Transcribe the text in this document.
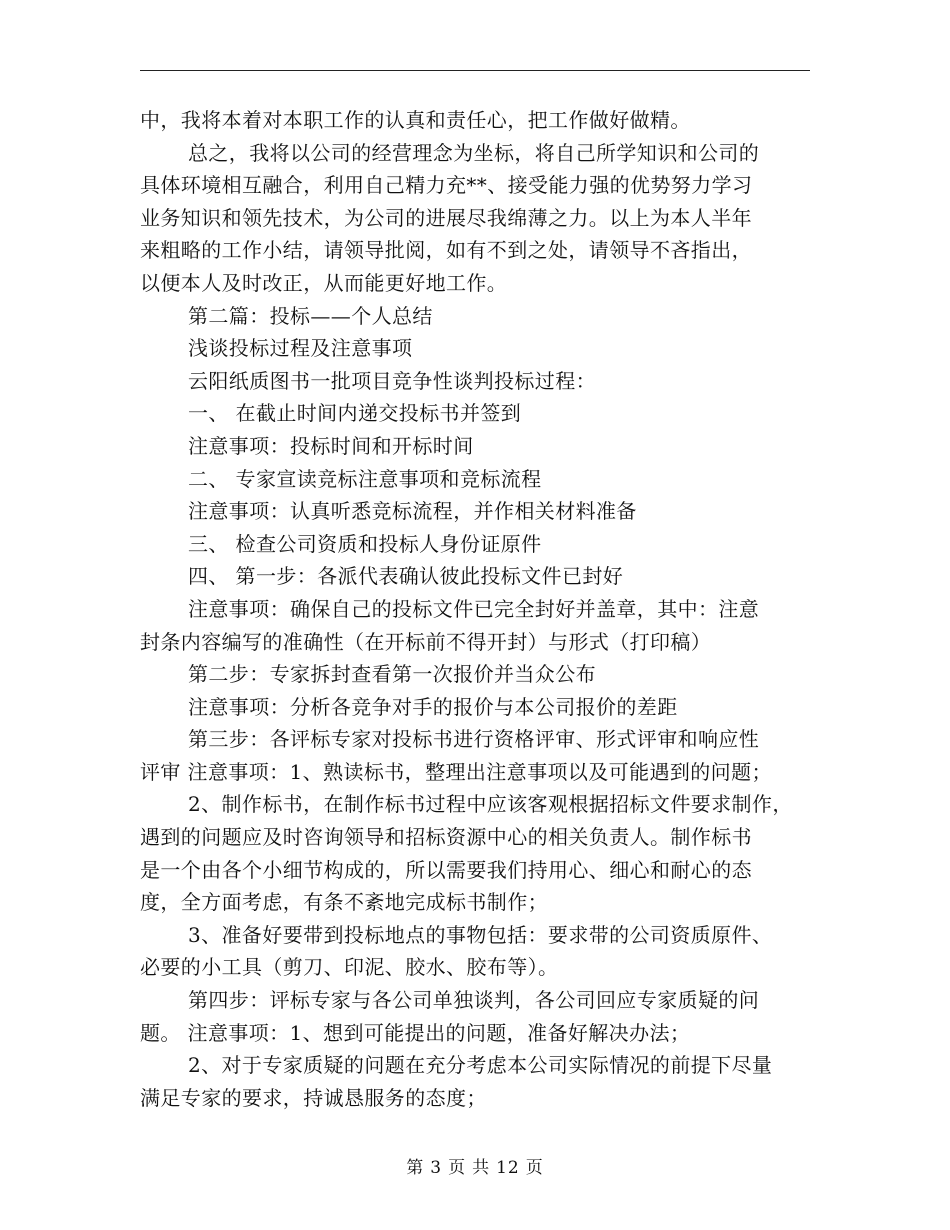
中，我将本着对本职工作的认真和责任心，把工作做好做精。
总之，我将以公司的经营理念为坐标，将自己所学知识和公司的
具体环境相互融合，利用自己精力充**、接受能力强的优势努力学习
业务知识和领先技术，为公司的进展尽我绵薄之力。以上为本人半年
来粗略的工作小结，请领导批阅，如有不到之处，请领导不吝指出，
以便本人及时改正，从而能更好地工作。
第二篇：投标——个人总结
浅谈投标过程及注意事项
云阳纸质图书一批项目竞争性谈判投标过程：
一、 在截止时间内递交投标书并签到
注意事项：投标时间和开标时间
二、 专家宣读竞标注意事项和竞标流程
注意事项：认真听悉竞标流程，并作相关材料准备
三、 检查公司资质和投标人身份证原件
四、 第一步：各派代表确认彼此投标文件已封好
注意事项：确保自己的投标文件已完全封好并盖章，其中：注意
封条内容编写的准确性（在开标前不得开封）与形式（打印稿）
第二步：专家拆封查看第一次报价并当众公布
注意事项：分析各竞争对手的报价与本公司报价的差距
第三步：各评标专家对投标书进行资格评审、形式评审和响应性
评审 注意事项：1、熟读标书，整理出注意事项以及可能遇到的问题；
2、制作标书，在制作标书过程中应该客观根据招标文件要求制作，
遇到的问题应及时咨询领导和招标资源中心的相关负责人。制作标书
是一个由各个小细节构成的，所以需要我们持用心、细心和耐心的态
度，全方面考虑，有条不紊地完成标书制作；
3、准备好要带到投标地点的事物包括：要求带的公司资质原件、
必要的小工具（剪刀、印泥、胶水、胶布等）。
第四步：评标专家与各公司单独谈判，各公司回应专家质疑的问
题。 注意事项：1、想到可能提出的问题，准备好解决办法；
2、对于专家质疑的问题在充分考虑本公司实际情况的前提下尽量
满足专家的要求，持诚恳服务的态度；
第 3 页 共 12 页
